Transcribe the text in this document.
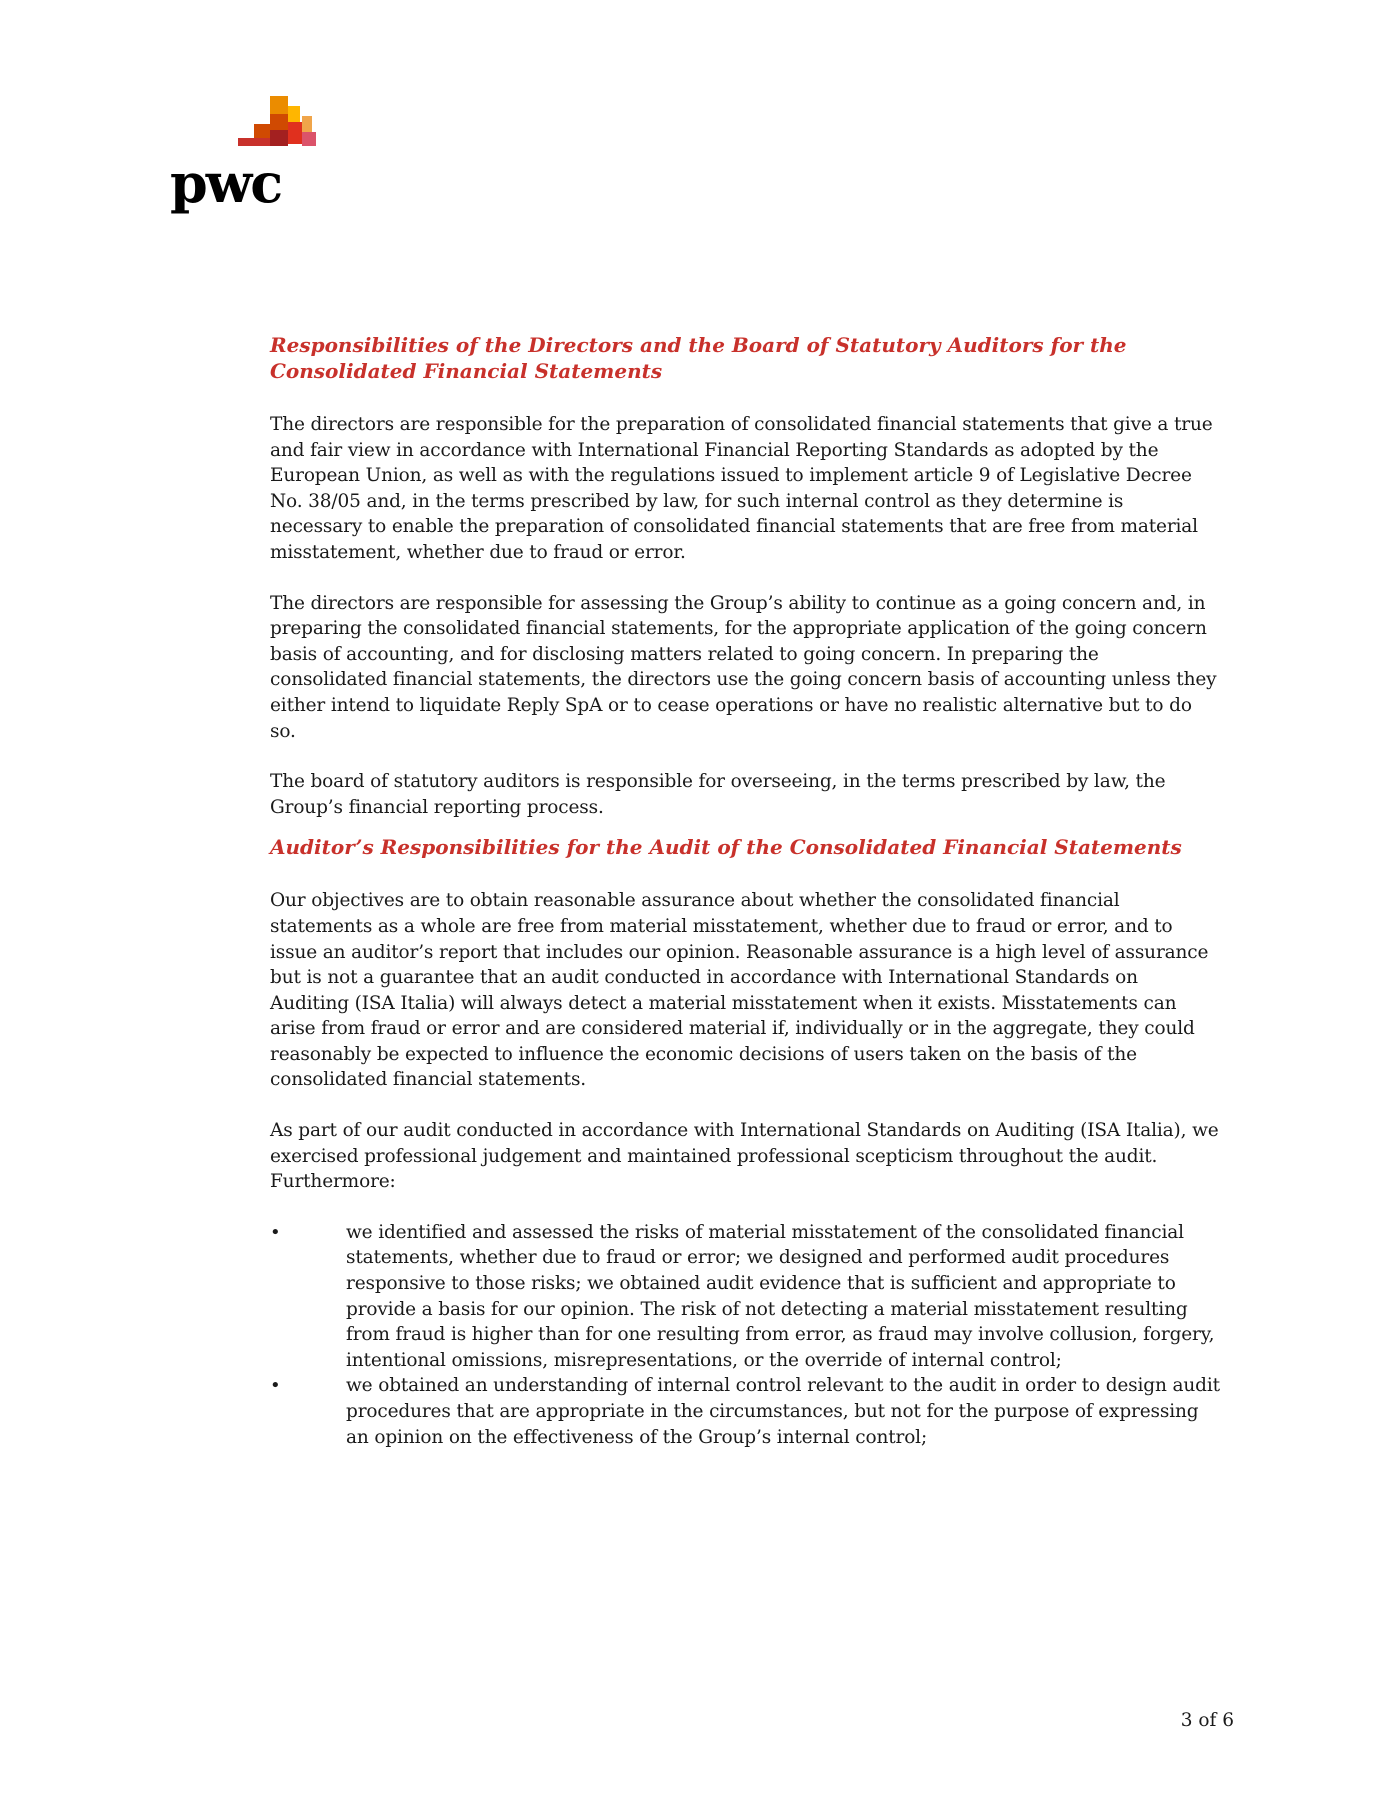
pwc
Responsibilities of the Directors and the Board of Statutory Auditors for the Consolidated Financial Statements

The directors are responsible for the preparation of consolidated financial statements that give a true and fair view in accordance with International Financial Reporting Standards as adopted by the European Union, as well as with the regulations issued to implement article 9 of Legislative Decree No. 38/05 and, in the terms prescribed by law, for such internal control as they determine is necessary to enable the preparation of consolidated financial statements that are free from material misstatement, whether due to fraud or error.

The directors are responsible for assessing the Group’s ability to continue as a going concern and, in preparing the consolidated financial statements, for the appropriate application of the going concern basis of accounting, and for disclosing matters related to going concern. In preparing the consolidated financial statements, the directors use the going concern basis of accounting unless they either intend to liquidate Reply SpA or to cease operations or have no realistic alternative but to do so.

The board of statutory auditors is responsible for overseeing, in the terms prescribed by law, the Group’s financial reporting process.

Auditor’s Responsibilities for the Audit of the Consolidated Financial Statements

Our objectives are to obtain reasonable assurance about whether the consolidated financial statements as a whole are free from material misstatement, whether due to fraud or error, and to issue an auditor’s report that includes our opinion. Reasonable assurance is a high level of assurance but is not a guarantee that an audit conducted in accordance with International Standards on Auditing (ISA Italia) will always detect a material misstatement when it exists. Misstatements can arise from fraud or error and are considered material if, individually or in the aggregate, they could reasonably be expected to influence the economic decisions of users taken on the basis of the consolidated financial statements.

As part of our audit conducted in accordance with International Standards on Auditing (ISA Italia), we exercised professional judgement and maintained professional scepticism throughout the audit. Furthermore:

•	we identified and assessed the risks of material misstatement of the consolidated financial statements, whether due to fraud or error; we designed and performed audit procedures responsive to those risks; we obtained audit evidence that is sufficient and appropriate to provide a basis for our opinion. The risk of not detecting a material misstatement resulting from fraud is higher than for one resulting from error, as fraud may involve collusion, forgery, intentional omissions, misrepresentations, or the override of internal control;
•	we obtained an understanding of internal control relevant to the audit in order to design audit procedures that are appropriate in the circumstances, but not for the purpose of expressing an opinion on the effectiveness of the Group’s internal control;
3 of 6
